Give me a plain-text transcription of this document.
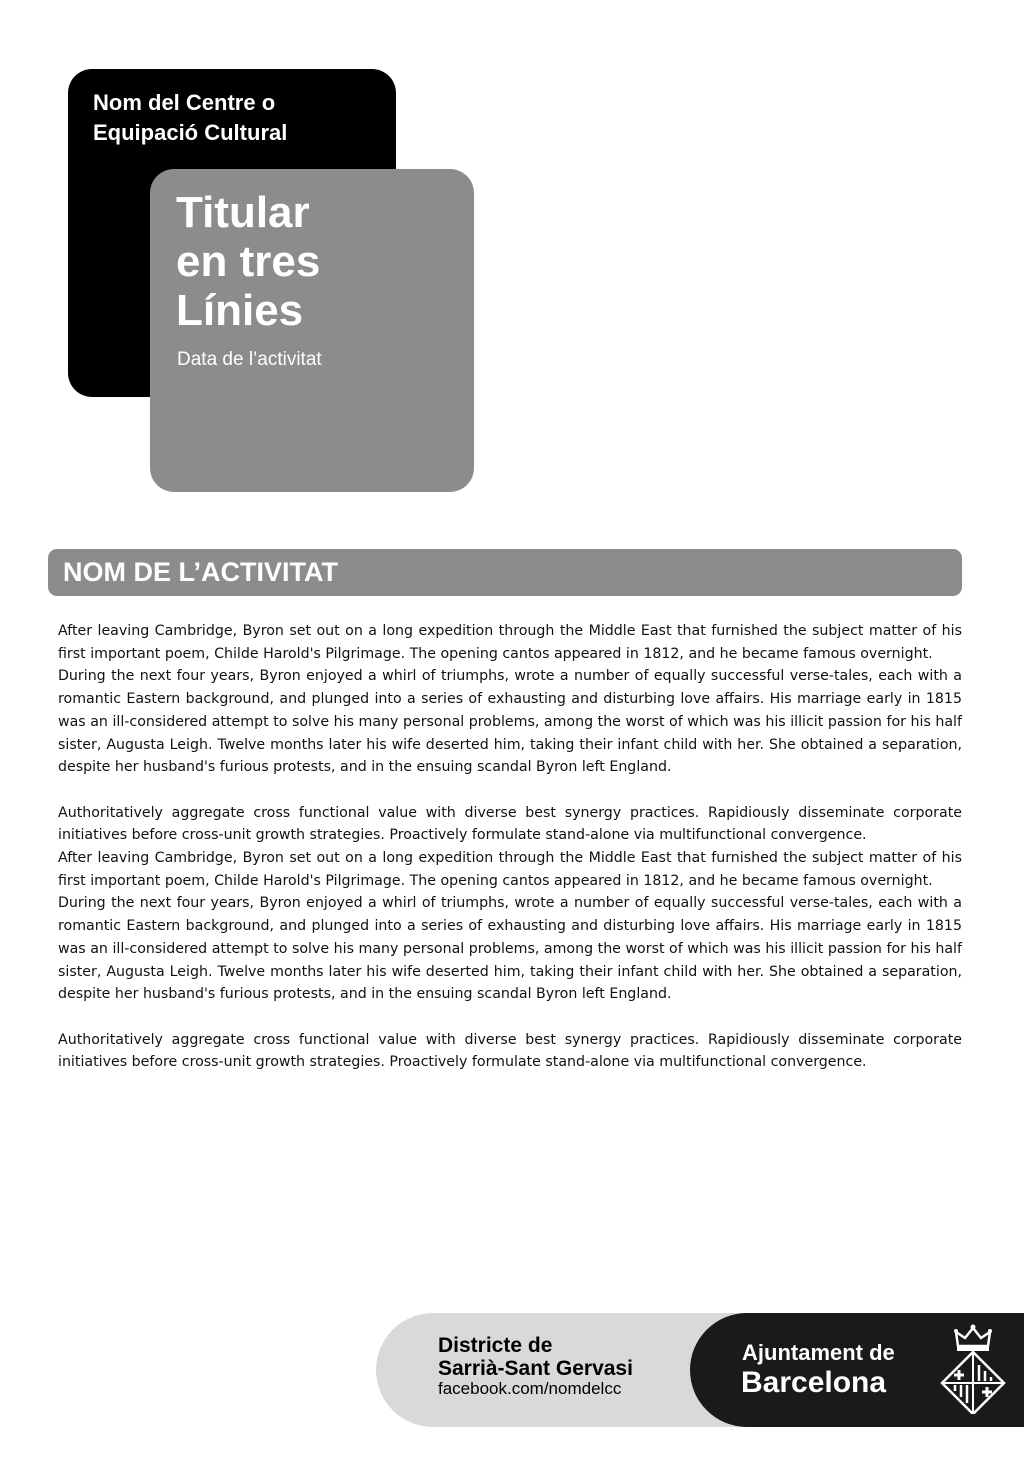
Nom del Centre o
Equipació Cultural
Titular
en tres
Línies
Data de l’activitat
NOM DE L’ACTIVITAT

After leaving Cambridge, Byron set out on a long expedition through the Middle East that furnished the subject matter of his first important poem, Childe Harold's Pilgrimage. The opening cantos appeared in 1812, and he became famous overnight.

During the next four years, Byron enjoyed a whirl of triumphs, wrote a number of equally successful verse-tales, each with a romantic Eastern background, and plunged into a series of exhausting and disturbing love affairs. His marriage early in 1815 was an ill-considered attempt to solve his many personal problems, among the worst of which was his illicit passion for his half sister, Augusta Leigh. Twelve months later his wife deserted him, taking their infant child with her. She obtained a separation, despite her husband's furious protests, and in the ensuing scandal Byron left England.

Authoritatively aggregate cross functional value with diverse best synergy practices. Rapidiously disseminate corporate initiatives before cross-unit growth strategies. Proactively formulate stand-alone via multifunctional convergence.

After leaving Cambridge, Byron set out on a long expedition through the Middle East that furnished the subject matter of his first important poem, Childe Harold's Pilgrimage. The opening cantos appeared in 1812, and he became famous overnight.

During the next four years, Byron enjoyed a whirl of triumphs, wrote a number of equally successful verse-tales, each with a romantic Eastern background, and plunged into a series of exhausting and disturbing love affairs. His marriage early in 1815 was an ill-considered attempt to solve his many personal problems, among the worst of which was his illicit passion for his half sister, Augusta Leigh. Twelve months later his wife deserted him, taking their infant child with her. She obtained a separation, despite her husband's furious protests, and in the ensuing scandal Byron left England.

Authoritatively aggregate cross functional value with diverse best synergy practices. Rapidiously disseminate corporate initiatives before cross-unit growth strategies. Proactively formulate stand-alone via multifunctional convergence.

Districte de
Sarrià-Sant Gervasi
facebook.com/nomdelcc
Ajuntament de
Barcelona
